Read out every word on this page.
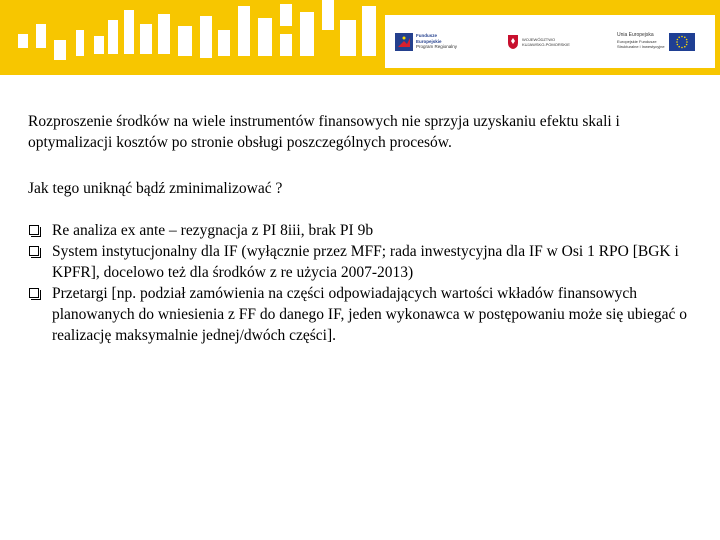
Fundusze
Europejskie
Program Regionalny
WOJEWÓDZTWO
KUJAWSKO-POMORSKIE
Unia Europejska
Europejskie Fundusze
Strukturalne i Inwestycyjne
Rozproszenie środków na wiele instrumentów finansowych nie sprzyja uzyskaniu efektu skali i optymalizacji kosztów po stronie obsługi poszczególnych procesów.
Jak tego uniknąć bądź zminimalizować ?
Re analiza ex ante – rezygnacja z PI 8iii, brak PI 9b
System instytucjonalny dla IF (wyłącznie przez MFF; rada inwestycyjna dla IF w Osi 1 RPO [BGK i KPFR], docelowo też dla środków z re użycia 2007-2013)
Przetargi [np. podział zamówienia na części odpowiadających wartości wkładów finansowych planowanych do wniesienia z FF do danego IF, jeden wykonawca w postępowaniu może się ubiegać o realizację maksymalnie jednej/dwóch części].
